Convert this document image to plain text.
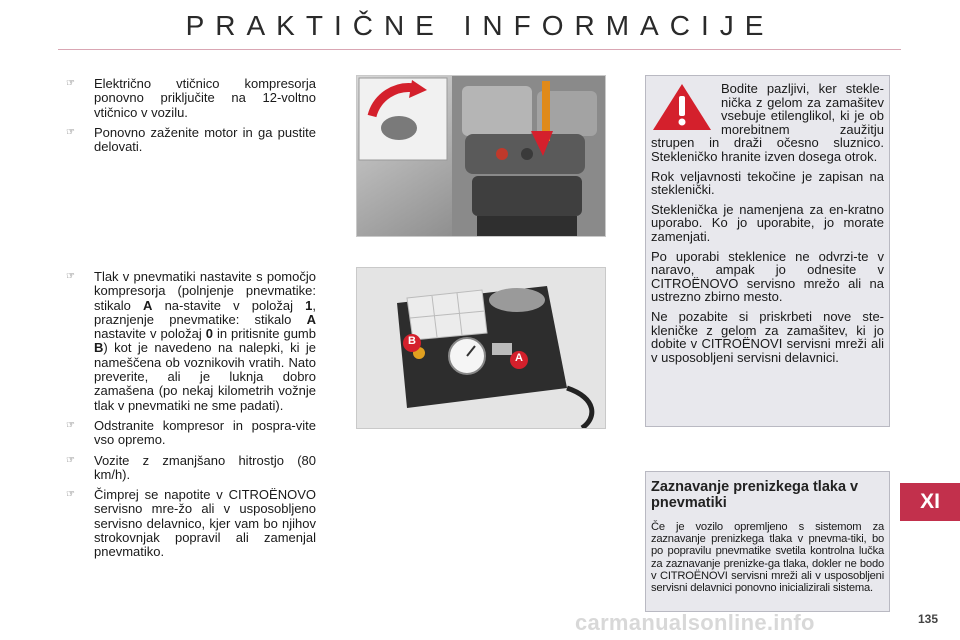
PRAKTIČNE INFORMACIJE
☞	Električno vtičnico kompresorja ponovno priključite na 12-voltno vtičnico v vozilu.
☞	Ponovno zaženite motor in ga pustite delovati.
☞	Tlak v pnevmatiki nastavite s pomočjo kompresorja (polnjenje pnevmatike: stikalo A na-stavite v položaj 1, praznjenje pnevmatike: stikalo A nastavite v položaj 0 in pritisnite gumb B) kot je navedeno na nalepki, ki je nameščena ob voznikovih vratih. Nato preverite, ali je luknja dobro zamašena (po nekaj kilometrih vožnje tlak v pnevmatiki ne sme padati).
☞	Odstranite kompresor in pospra-vite vso opremo.
☞	Vozite z zmanjšano hitrostjo (80 km/h).
☞	Čimprej se napotite v CITROËNOVO servisno mre-žo ali v usposobljeno servisno delavnico, kjer vam bo njihov strokovnjak popravil ali zamenjal pnevmatiko.
B
A

Bodite pazljivi, ker stekle-nička z gelom za zamašitev vsebuje etilenglikol, ki je ob morebitnem zaužitju strupen in draži očesno sluznico. Stekleničko hranite izven dosega otrok.

Rok veljavnosti tekočine je zapisan na steklenički.

Steklenička je namenjena za en-kratno uporabo. Ko jo uporabite, jo morate zamenjati.

Po uporabi steklenice ne odvrzi-te v naravo, ampak jo odnesite v CITROËNOVO servisno mrežo ali na ustrezno zbirno mesto.

Ne pozabite si priskrbeti nove ste-kleničke z gelom za zamašitev, ki jo dobite v CITROËNOVI servisni mreži ali v usposobljeni servisni delavnici.

Zaznavanje prenizkega tlaka v pnevmatiki

Če je vozilo opremljeno s sistemom za zaznavanje prenizkega tlaka v pnevma-tiki, bo po popravilu pnevmatike svetila kontrolna lučka za zaznavanje prenizke-ga tlaka, dokler ne bodo v CITROËNOVI servisni mreži ali v usposobljeni servisni delavnici ponovno inicializirali sistema.

XI
carmanualsonline.info	135
